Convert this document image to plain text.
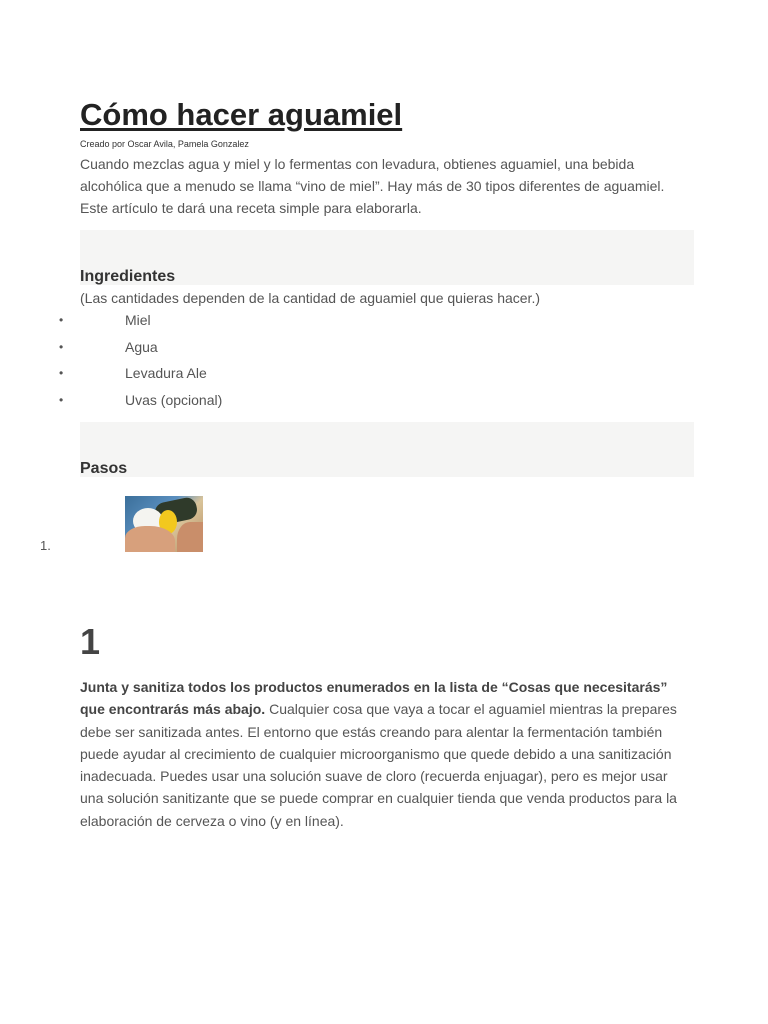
Cómo hacer aguamiel
Creado por Oscar Avila, Pamela Gonzalez

Cuando mezclas agua y miel y lo fermentas con levadura, obtienes aguamiel, una bebida alcohólica que a menudo se llama “vino de miel”. Hay más de 30 tipos diferentes de aguamiel. Este artículo te dará una receta simple para elaborarla.

Ingredientes
(Las cantidades dependen de la cantidad de aguamiel que quieras hacer.)
•	Miel
•	Agua
•	Levadura Ale
•	Uvas (opcional)
Pasos
1.
1

Junta y sanitiza todos los productos enumerados en la lista de “Cosas que necesitarás” que encontrarás más abajo. Cualquier cosa que vaya a tocar el aguamiel mientras la prepares debe ser sanitizada antes. El entorno que estás creando para alentar la fermentación también puede ayudar al crecimiento de cualquier microorganismo que quede debido a una sanitización inadecuada. Puedes usar una solución suave de cloro (recuerda enjuagar), pero es mejor usar una solución sanitizante que se puede comprar en cualquier tienda que venda productos para la elaboración de cerveza o vino (y en línea).
